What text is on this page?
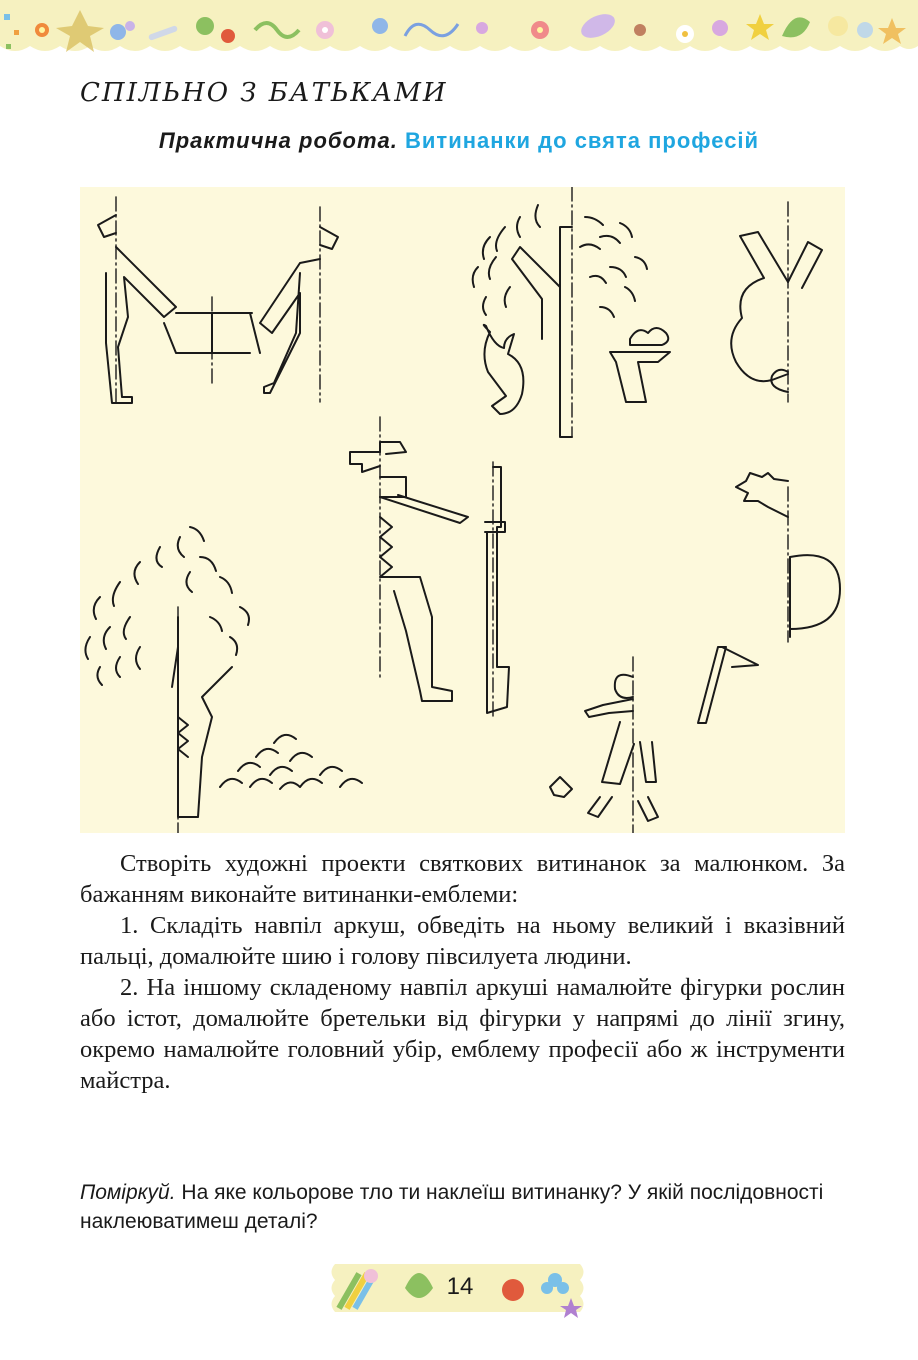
СПІЛЬНО З БАТЬКАМИ
Практична робота. Витинанки до свята професій

Створіть художні проекти святкових витинанок за малюнком. За бажанням виконайте витинанки-емблеми:

1. Складіть навпіл аркуш, обведіть на ньому великий і вказівний пальці, домалюйте шию і голову півсилуета людини.

2. На іншому складеному навпіл аркуші намалюйте фігурки рослин або істот, домалюйте бретельки від фігурки у напрямі до лінії згину, окремо намалюйте головний убір, емблему професії або ж інструменти майстра.

Поміркуй. На яке кольорове тло ти наклеїш витинанку? У якій послідовності наклеюватимеш деталі?
14
